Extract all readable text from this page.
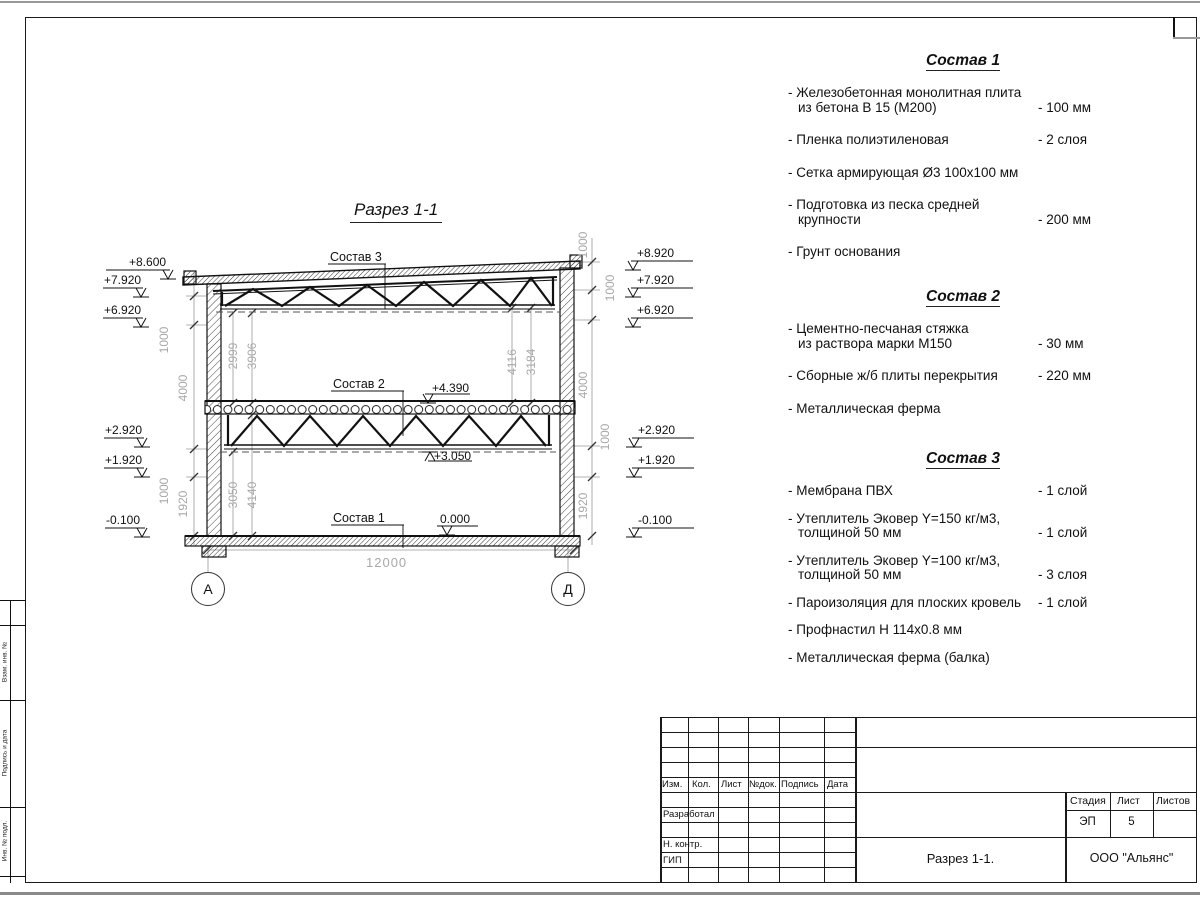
Взам. инв. №
Подпись и дата
Инв. № подл.
Разрез 1-1
Состав 3
Состав 2
Состав 1
+8.600
+7.920
+6.920
+2.920
+1.920
-0.100
+8.920
+7.920
+6.920
+2.920
+1.920
-0.100
+4.390
+3.050
0.000
1000
4000
1000 1920
2999 3906
3050 4140
1000
1000
4000
1000
1920
4116 3184
12000
А	Д
Состав 1
- Железобетонная монолитная плита
из бетона В 15 (М200)	- 100 мм
- Пленка полиэтиленовая	- 2 слоя
- Сетка армирующая Ø3 100х100 мм
- Подготовка из песка средней
крупности	- 200 мм
- Грунт основания
Состав 2
- Цементно-песчаная стяжка
из раствора марки М150	- 30 мм
- Сборные ж/б плиты перекрытия	- 220 мм
- Металлическая ферма
Состав 3
- Мембрана ПВХ	- 1 слой
- Утеплитель Эковер Y=150 кг/м3,
толщиной 50 мм	- 1 слой
- Утеплитель Эковер Y=100 кг/м3,
толщиной 50 мм	- 3 слоя
- Пароизоляция для плоских кровель	- 1 слой
- Профнастил Н 114х0.8 мм
- Металлическая ферма (балка)
Изм. Кол. Лист №док. Подпись Дата
Разработал
Н. контр.
ГИП
Стадия Лист Листов
ЭП	5
Разрез 1-1.	ООО "Альянс"
